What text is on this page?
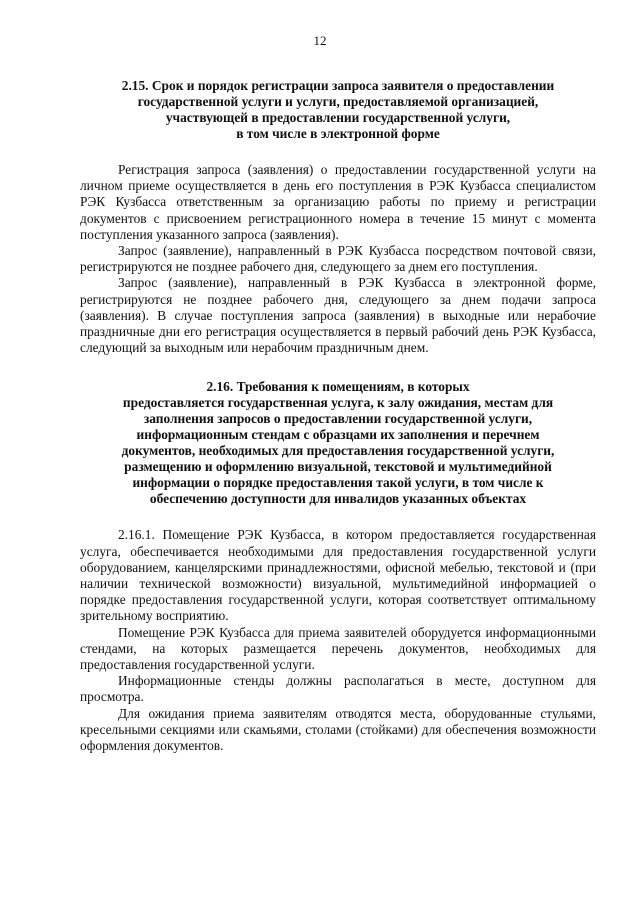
12
2.15. Срок и порядок регистрации запроса заявителя о предоставлении
государственной услуги и услуги, предоставляемой организацией,
участвующей в предоставлении государственной услуги,
в том числе в электронной форме

Регистрация запроса (заявления) о предоставлении государственной услуги на личном приеме осуществляется в день его поступления в РЭК Кузбасса специалистом РЭК Кузбасса ответственным за организацию работы по приему и регистрации документов с присвоением регистрационного номера в течение 15 минут с момента поступления указанного запроса (заявления).

Запрос (заявление), направленный в РЭК Кузбасса посредством почтовой связи, регистрируются не позднее рабочего дня, следующего за днем его поступления.

Запрос (заявление), направленный в РЭК Кузбасса в электронной форме, регистрируются не позднее рабочего дня, следующего за днем подачи запроса (заявления). В случае поступления запроса (заявления) в выходные или нерабочие праздничные дни его регистрация осуществляется в первый рабочий день РЭК Кузбасса, следующий за выходным или нерабочим праздничным днем.

2.16. Требования к помещениям, в которых
предоставляется государственная услуга, к залу ожидания, местам для
заполнения запросов о предоставлении государственной услуги,
информационным стендам с образцами их заполнения и перечнем
документов, необходимых для предоставления государственной услуги,
размещению и оформлению визуальной, текстовой и мультимедийной
информации о порядке предоставления такой услуги, в том числе к
обеспечению доступности для инвалидов указанных объектах

2.16.1. Помещение РЭК Кузбасса, в котором предоставляется государственная услуга, обеспечивается необходимыми для предоставления государственной услуги оборудованием, канцелярскими принадлежностями, офисной мебелью, текстовой и (при наличии технической возможности) визуальной, мультимедийной информацией о порядке предоставления государственной услуги, которая соответствует оптимальному зрительному восприятию.

Помещение РЭК Кузбасса для приема заявителей оборудуется информационными стендами, на которых размещается перечень документов, необходимых для предоставления государственной услуги.

Информационные стенды должны располагаться в месте, доступном для просмотра.

Для ожидания приема заявителям отводятся места, оборудованные стульями, кресельными секциями или скамьями, столами (стойками) для обеспечения возможности оформления документов.
